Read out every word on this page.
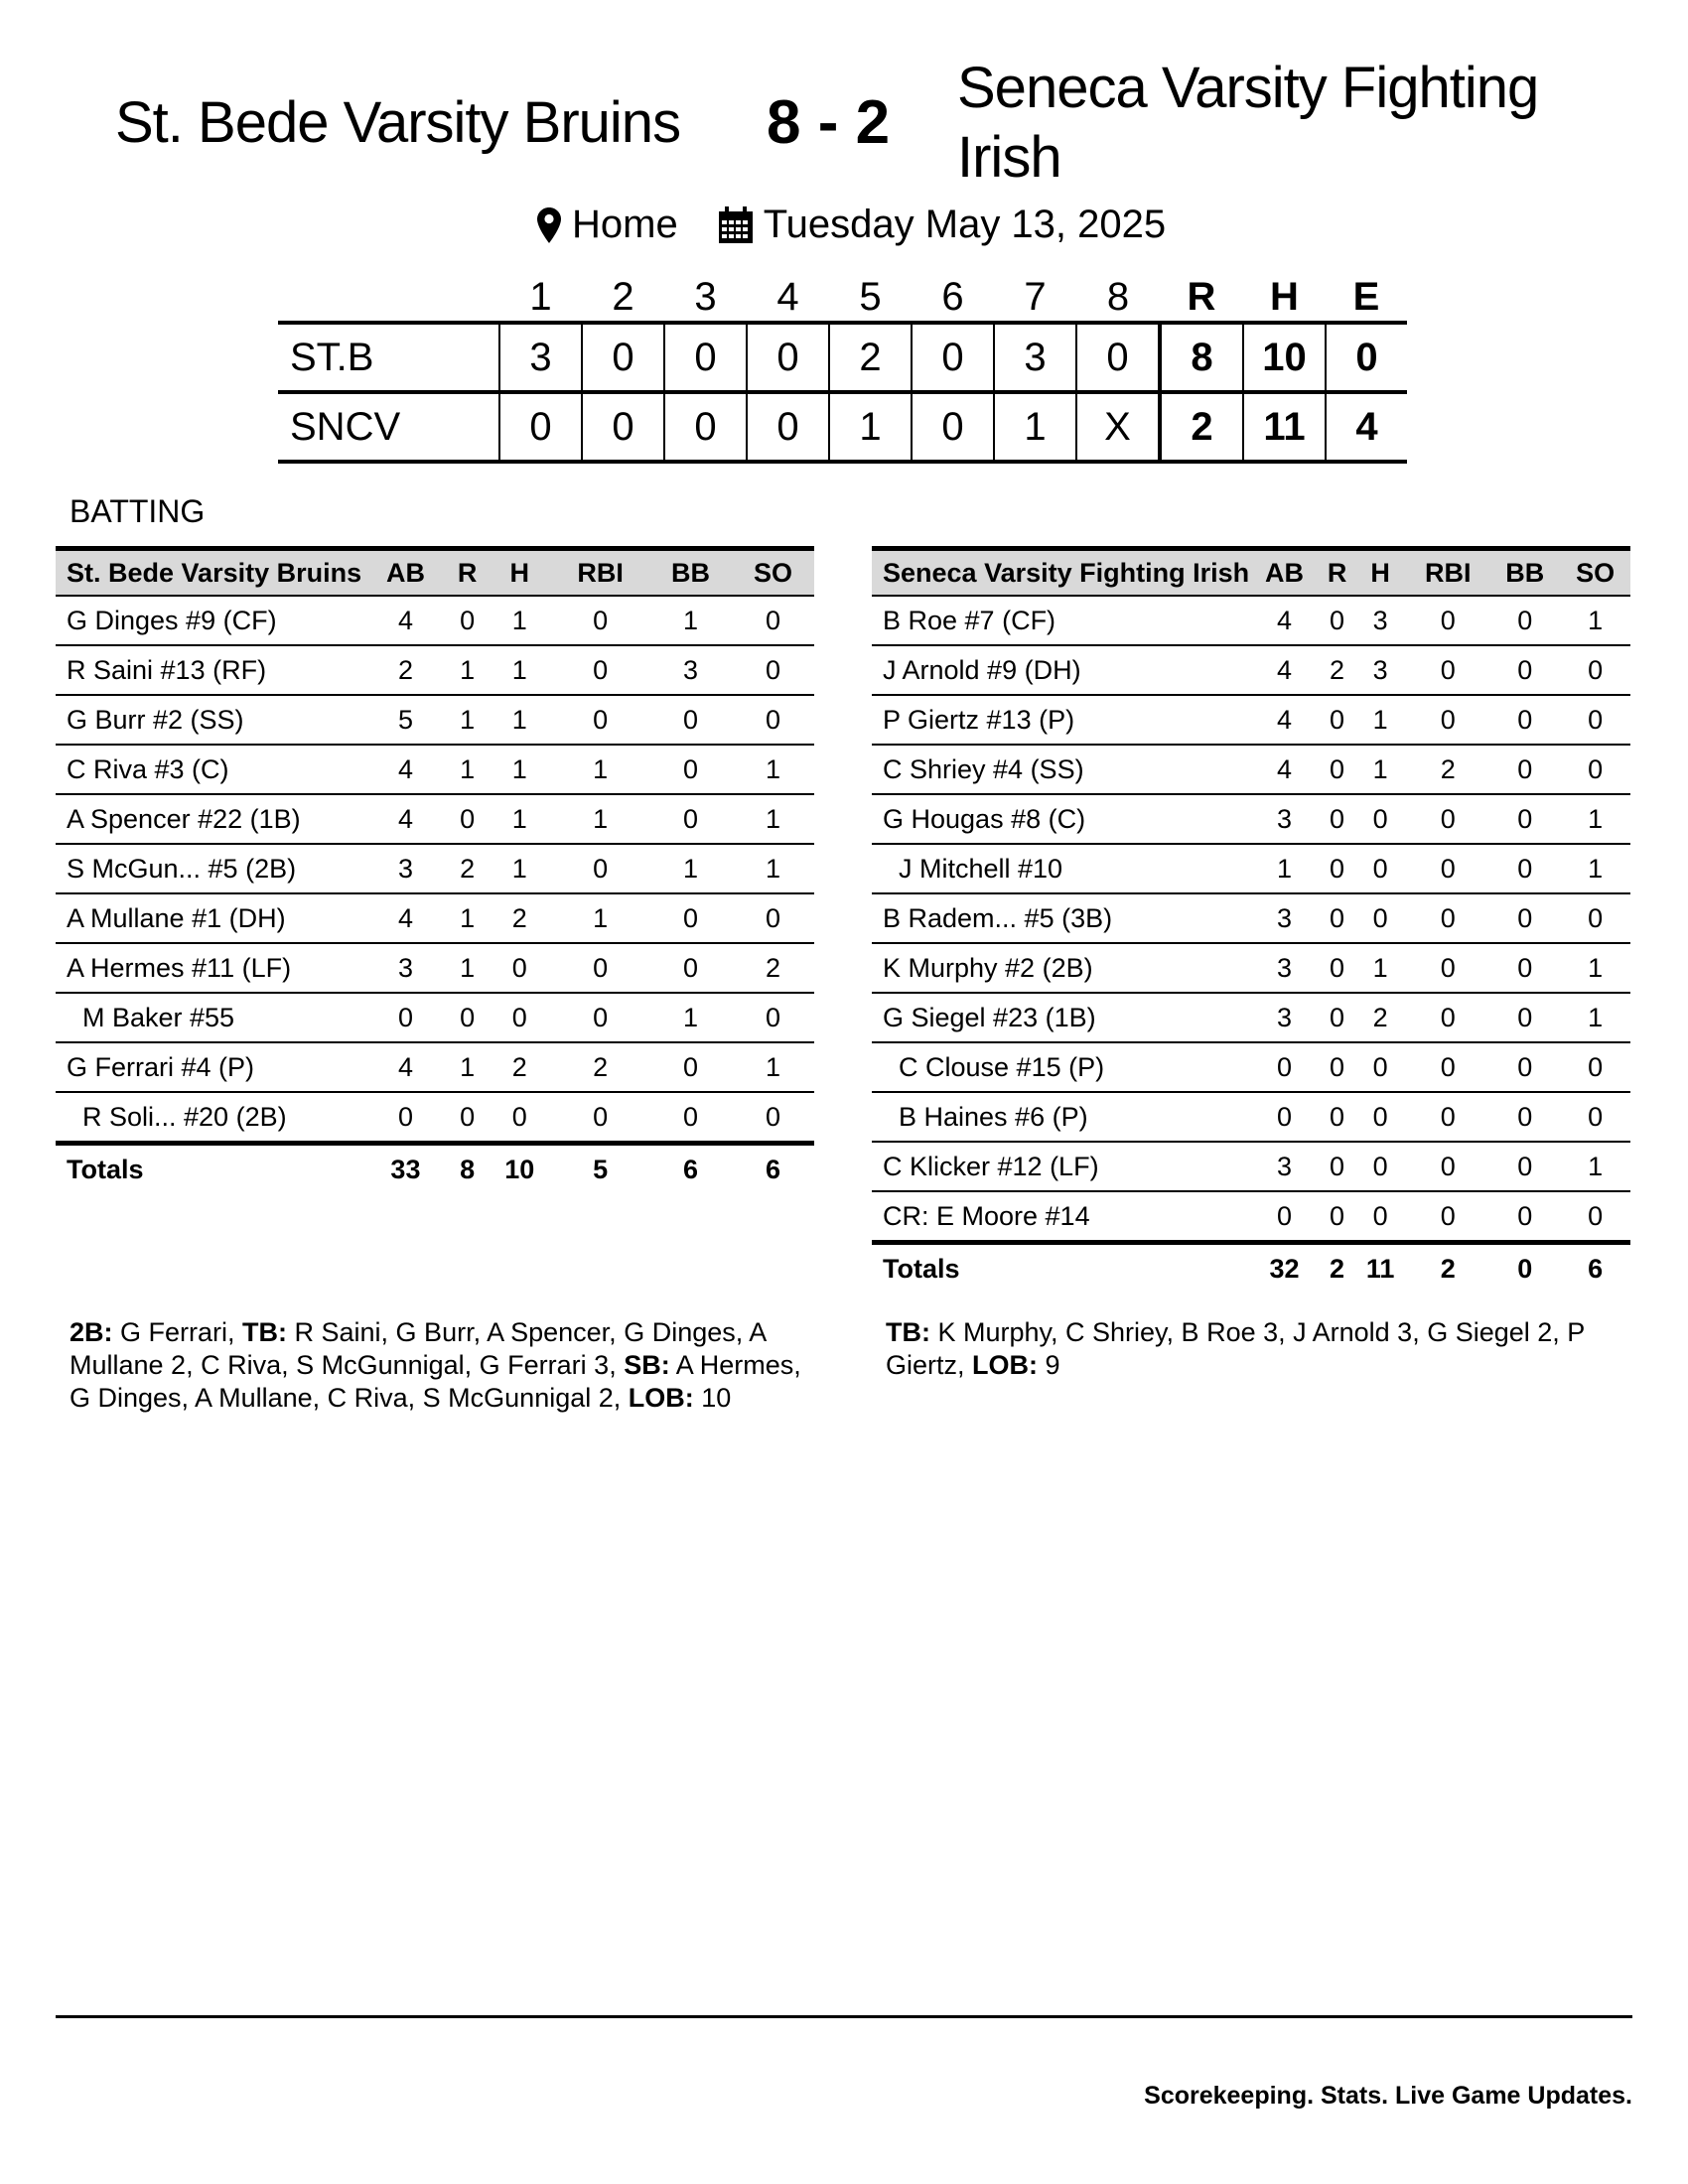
St. Bede Varsity Bruins 8 - 2
Seneca Varsity Fighting Irish
Home Tuesday May 13, 2025
	1	2	3	4	5	6	7	8	R	H	E
ST.B	3	0	0	0	2	0	3	0	8	10	0
SNCV	0	0	0	0	1	0	1	X	2	11	4
BATTING
St. Bede Varsity Bruins	AB	R	H	RBI	BB	SO
G Dinges #9 (CF)	4	0	1	0	1	0
R Saini #13 (RF)	2	1	1	0	3	0
G Burr #2 (SS)	5	1	1	0	0	0
C Riva #3 (C)	4	1	1	1	0	1
A Spencer #22 (1B)	4	0	1	1	0	1
S McGun... #5 (2B)	3	2	1	0	1	1
A Mullane #1 (DH)	4	1	2	1	0	0
A Hermes #11 (LF)	3	1	0	0	0	2
M Baker #55	0	0	0	0	1	0
G Ferrari #4 (P)	4	1	2	2	0	1
R Soli... #20 (2B)	0	0	0	0	0	0
Totals	33	8	10	5	6	6
Seneca Varsity Fighting Irish	AB	R	H	RBI	BB	SO
B Roe #7 (CF)	4	0	3	0	0	1
J Arnold #9 (DH)	4	2	3	0	0	0
P Giertz #13 (P)	4	0	1	0	0	0
C Shriey #4 (SS)	4	0	1	2	0	0
G Hougas #8 (C)	3	0	0	0	0	1
J Mitchell #10	1	0	0	0	0	1
B Radem... #5 (3B)	3	0	0	0	0	0
K Murphy #2 (2B)	3	0	1	0	0	1
G Siegel #23 (1B)	3	0	2	0	0	1
C Clouse #15 (P)	0	0	0	0	0	0
B Haines #6 (P)	0	0	0	0	0	0
C Klicker #12 (LF)	3	0	0	0	0	1
CR: E Moore #14	0	0	0	0	0	0
Totals	32	2	11	2	0	6
2B: G Ferrari, TB: R Saini, G Burr, A Spencer, G Dinges, A Mullane 2, C Riva, S McGunnigal, G Ferrari 3, SB: A Hermes, G Dinges, A Mullane, C Riva, S McGunnigal 2, LOB: 10
TB: K Murphy, C Shriey, B Roe 3, J Arnold 3, G Siegel 2, P Giertz, LOB: 9
Scorekeeping. Stats. Live Game Updates.
